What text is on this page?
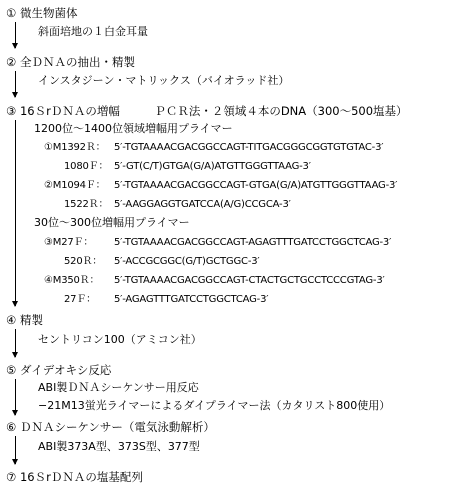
① 微生物菌体
斜面培地の１白金耳量
② 全ＤＮＡの抽出・精製
インスタジーン・マトリックス（バイオラッド社）
③ 16ＳrＤＮＡの増幅　　　ＰＣＲ法・２領域４本のDNA（300～500塩基）
1200位～1400位領域増幅用プライマー
①M1392Ｒ： 5′-TGTAAAACGACGGCCAGT-TITGACGGGCGGTGTGTAC-3′
1080Ｆ： 5′-GT(C/T)GTGA(G/A)ATGTTGGGTTAAG-3′
②M1094Ｆ： 5′-TGTAAAACGACGGCCAGT-GTGA(G/A)ATGTTGGGTTAAG-3′
1522Ｒ： 5′-AAGGAGGTGATCCA(A/G)CCGCA-3′
30位～300位増幅用プライマー
③M27Ｆ： 5′-TGTAAAACGACGGCCAGT-AGAGTTTGATCCTGGCTCAG-3′
520Ｒ： 5′-ACCGCGGC(G/T)GCTGGC-3′
④M350Ｒ： 5′-TGTAAAACGACGGCCAGT-CTACTGCTGCCTCCCGTAG-3′
27Ｆ： 5′-AGAGTTTGATCCTGGCTCAG-3′
④ 精製
セントリコン100（アミコン社）
⑤ ダイデオキシ反応
ABI製ＤＮＡシーケンサー用反応
−21M13蛍光ライマーによるダイプライマー法（カタリスト800使用）
⑥ ＤＮＡシーケンサー（電気泳動解析）
ABI製373A型、373S型、377型
⑦ 16ＳrＤＮＡの塩基配列
